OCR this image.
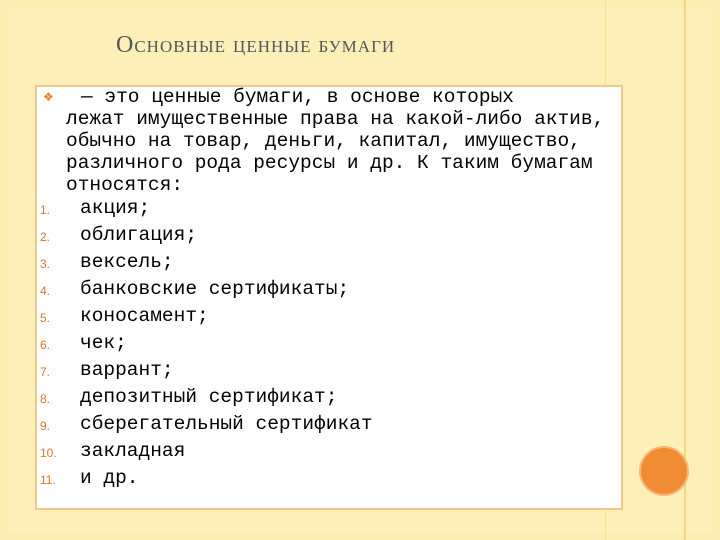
Основные ценные бумаги
❖ — это ценные бумаги, в основе которых
лежат имущественные права на какой-либо актив,
обычно на товар, деньги, капитал, имущество,
различного рода ресурсы и др. К таким бумагам
относятся:
1.	акция;
2.	облигация;
3.	вексель;
4.	банковские сертификаты;
5.	коносамент;
6.	чек;
7.	варрант;
8.	депозитный сертификат;
9.	сберегательный сертификат
10.	закладная
11.	и др.
